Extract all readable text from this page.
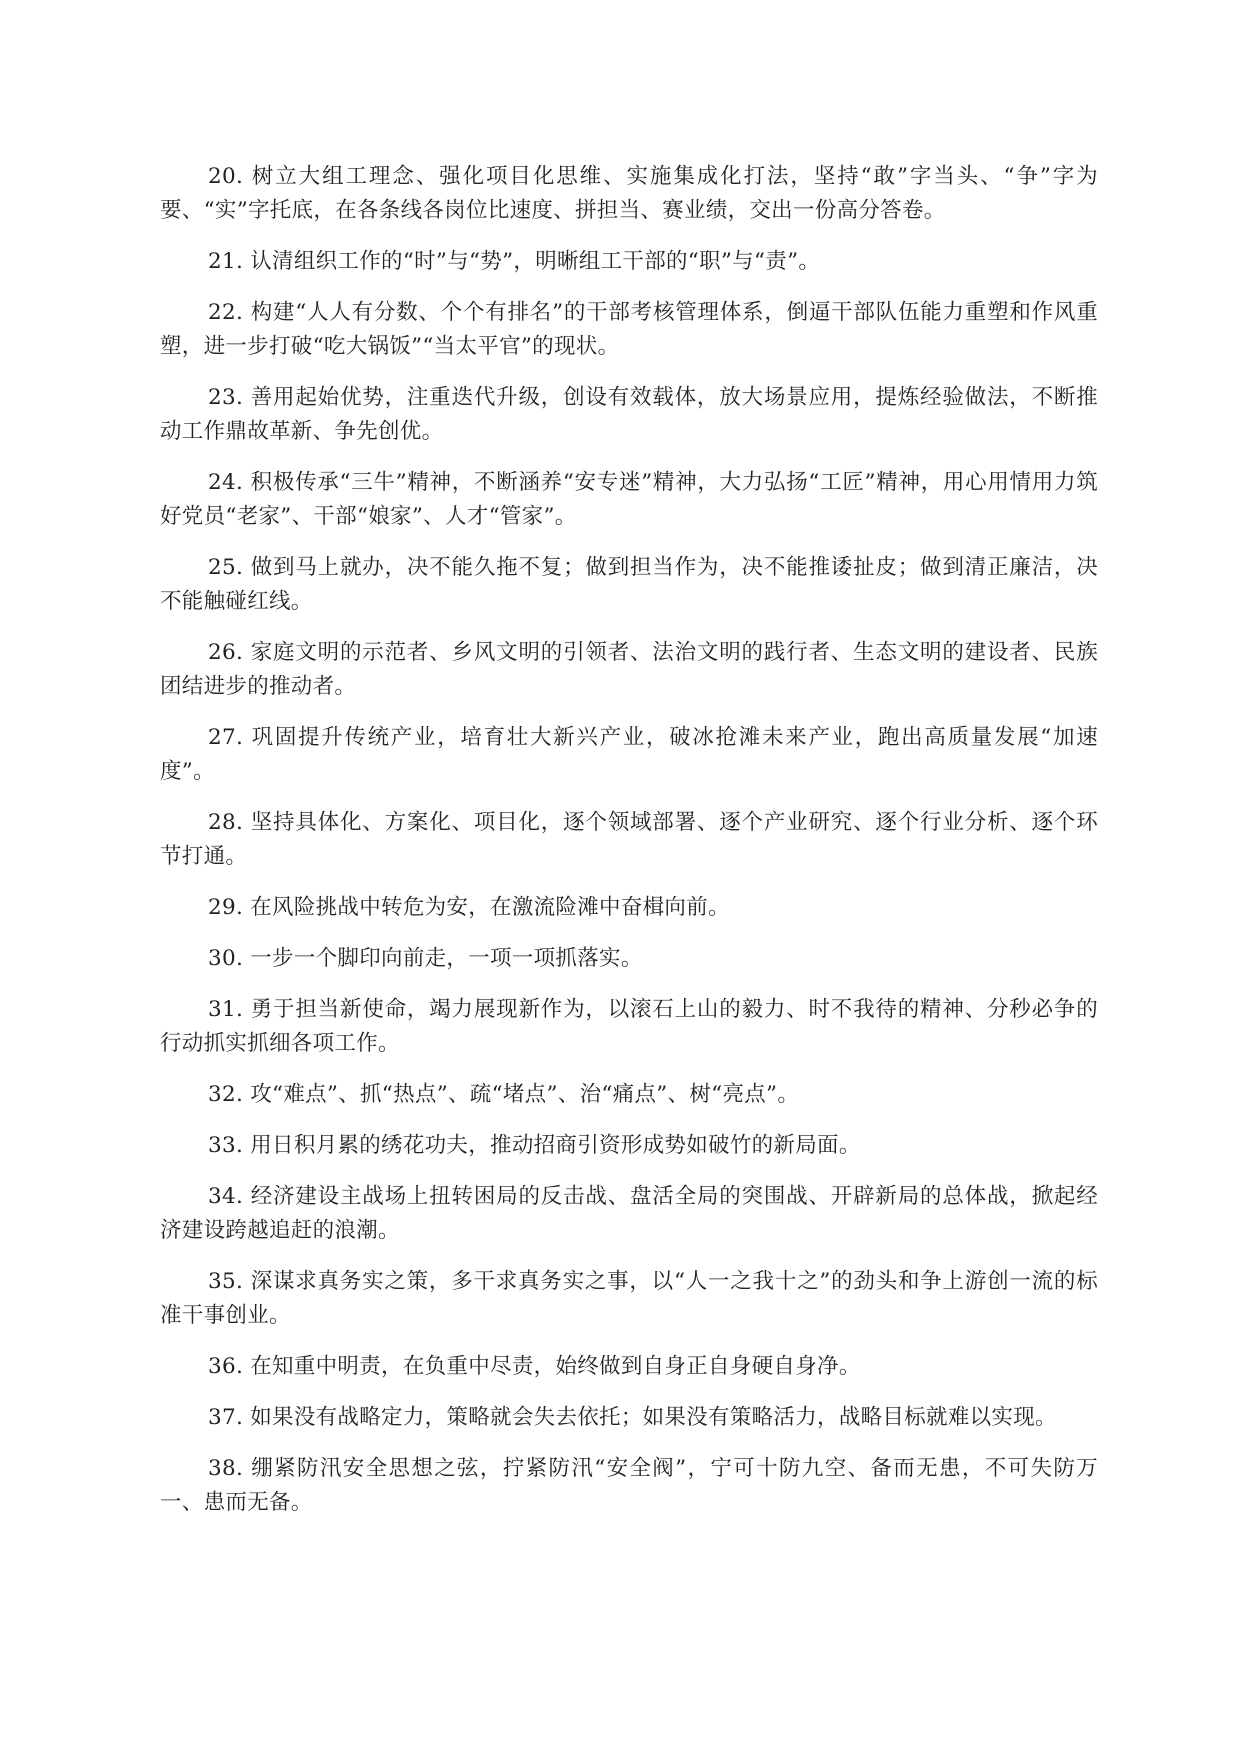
20. 树立大组工理念、强化项目化思维、实施集成化打法，坚持“敢”字当头、“争”字为要、“实”字托底，在各条线各岗位比速度、拼担当、赛业绩，交出一份高分答卷。

21. 认清组织工作的“时”与“势”，明晰组工干部的“职”与“责”。

22. 构建“人人有分数、个个有排名”的干部考核管理体系，倒逼干部队伍能力重塑和作风重塑，进一步打破“吃大锅饭”“当太平官”的现状。

23. 善用起始优势，注重迭代升级，创设有效载体，放大场景应用，提炼经验做法，不断推动工作鼎故革新、争先创优。

24. 积极传承“三牛”精神，不断涵养“安专迷”精神，大力弘扬“工匠”精神，用心用情用力筑好党员“老家”、干部“娘家”、人才“管家”。

25. 做到马上就办，决不能久拖不复；做到担当作为，决不能推诿扯皮；做到清正廉洁，决不能触碰红线。

26. 家庭文明的示范者、乡风文明的引领者、法治文明的践行者、生态文明的建设者、民族团结进步的推动者。

27. 巩固提升传统产业，培育壮大新兴产业，破冰抢滩未来产业，跑出高质量发展“加速度”。

28. 坚持具体化、方案化、项目化，逐个领域部署、逐个产业研究、逐个行业分析、逐个环节打通。

29. 在风险挑战中转危为安，在激流险滩中奋楫向前。

30. 一步一个脚印向前走，一项一项抓落实。

31. 勇于担当新使命，竭力展现新作为，以滚石上山的毅力、时不我待的精神、分秒必争的行动抓实抓细各项工作。

32. 攻“难点”、抓“热点”、疏“堵点”、治“痛点”、树“亮点”。

33. 用日积月累的绣花功夫，推动招商引资形成势如破竹的新局面。

34. 经济建设主战场上扭转困局的反击战、盘活全局的突围战、开辟新局的总体战，掀起经济建设跨越追赶的浪潮。

35. 深谋求真务实之策，多干求真务实之事，以“人一之我十之”的劲头和争上游创一流的标准干事创业。

36. 在知重中明责，在负重中尽责，始终做到自身正自身硬自身净。

37. 如果没有战略定力，策略就会失去依托；如果没有策略活力，战略目标就难以实现。

38. 绷紧防汛安全思想之弦，拧紧防汛“安全阀”，宁可十防九空、备而无患，不可失防万一、患而无备。
